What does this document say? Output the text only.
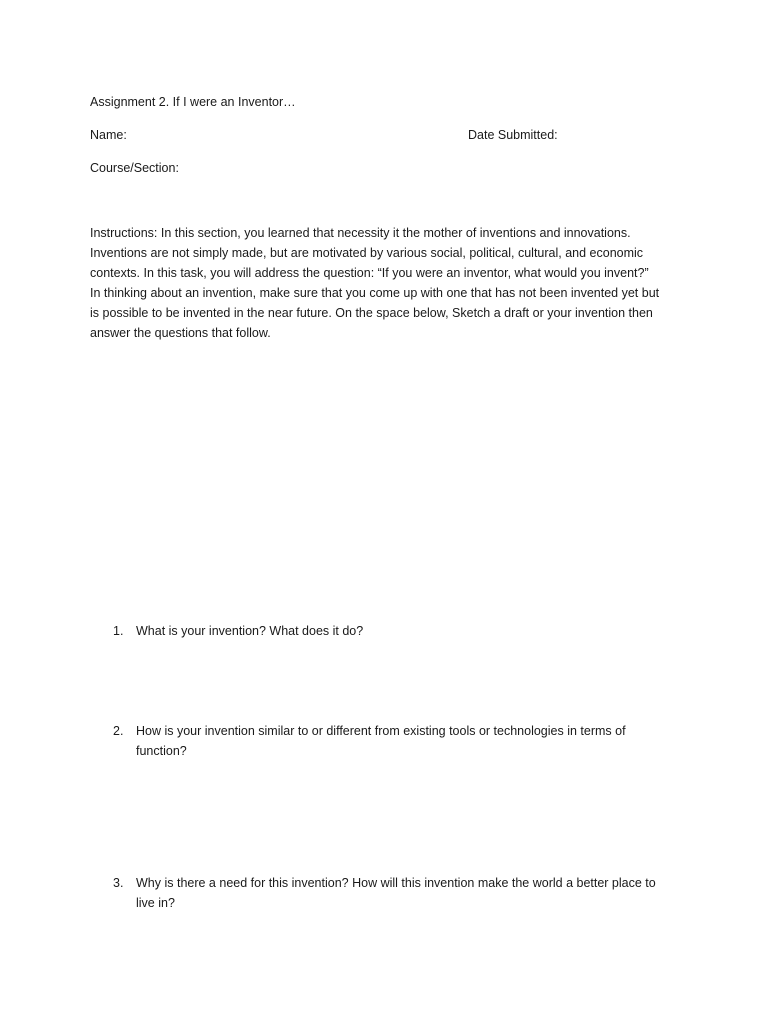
Assignment 2. If I were an Inventor…
Name:	Date Submitted:
Course/Section:
Instructions: In this section, you learned that necessity it the mother of inventions and innovations.
Inventions are not simply made, but are motivated by various social, political, cultural, and economic
contexts. In this task, you will address the question: “If you were an inventor, what would you invent?”
In thinking about an invention, make sure that you come up with one that has not been invented yet but
is possible to be invented in the near future. On the space below, Sketch a draft or your invention then
answer the questions that follow.
1. What is your invention? What does it do?
2. How is your invention similar to or different from existing tools or technologies in terms of
function?
3. Why is there a need for this invention? How will this invention make the world a better place to
live in?
